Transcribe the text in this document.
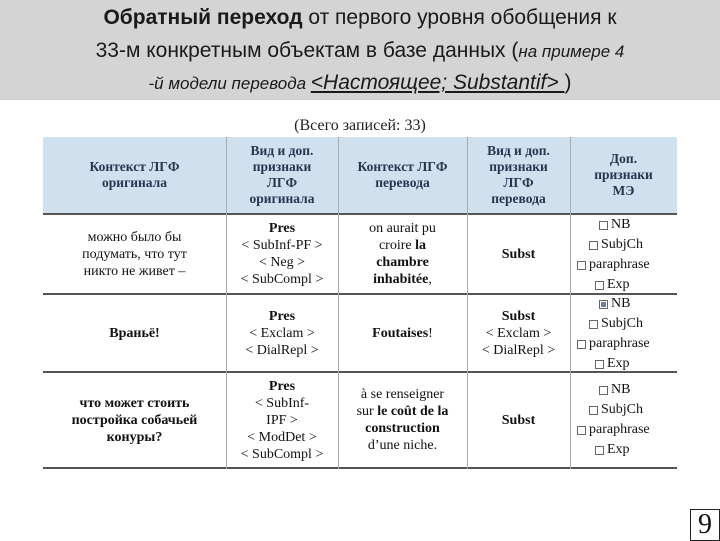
Обратный переход от первого уровня обобщения к
33-м конкретным объектам в базе данных (на примере 4
-й модели перевода <Настоящее; Substantif> )
(Всего записей: 33)
Контекст ЛГФ
оригинала
Вид и доп.
признаки
ЛГФ
оригинала
Контекст ЛГФ
перевода
Вид и доп.
признаки
ЛГФ
перевода
Доп.
признаки
МЭ
можно было бы
подумать, что тут
никто не живет –
Pres
< SubInf-PF >
< Neg >
< SubCompl >
on aurait pu
croire la
chambre
inhabitée,
Subst
NB
SubjCh
paraphrase
Exp
Враньё!
Pres
< Exclam >
< DialRepl >
Foutaises!
Subst
< Exclam >
< DialRepl >
NB
SubjCh
paraphrase
Exp
что может стоить
постройка собачьей
конуры?
Pres
< SubInf-
IPF >
< ModDet >
< SubCompl >
à se renseigner
sur le coût de la
construction
d’une niche.
Subst
NB
SubjCh
paraphrase
Exp
9
